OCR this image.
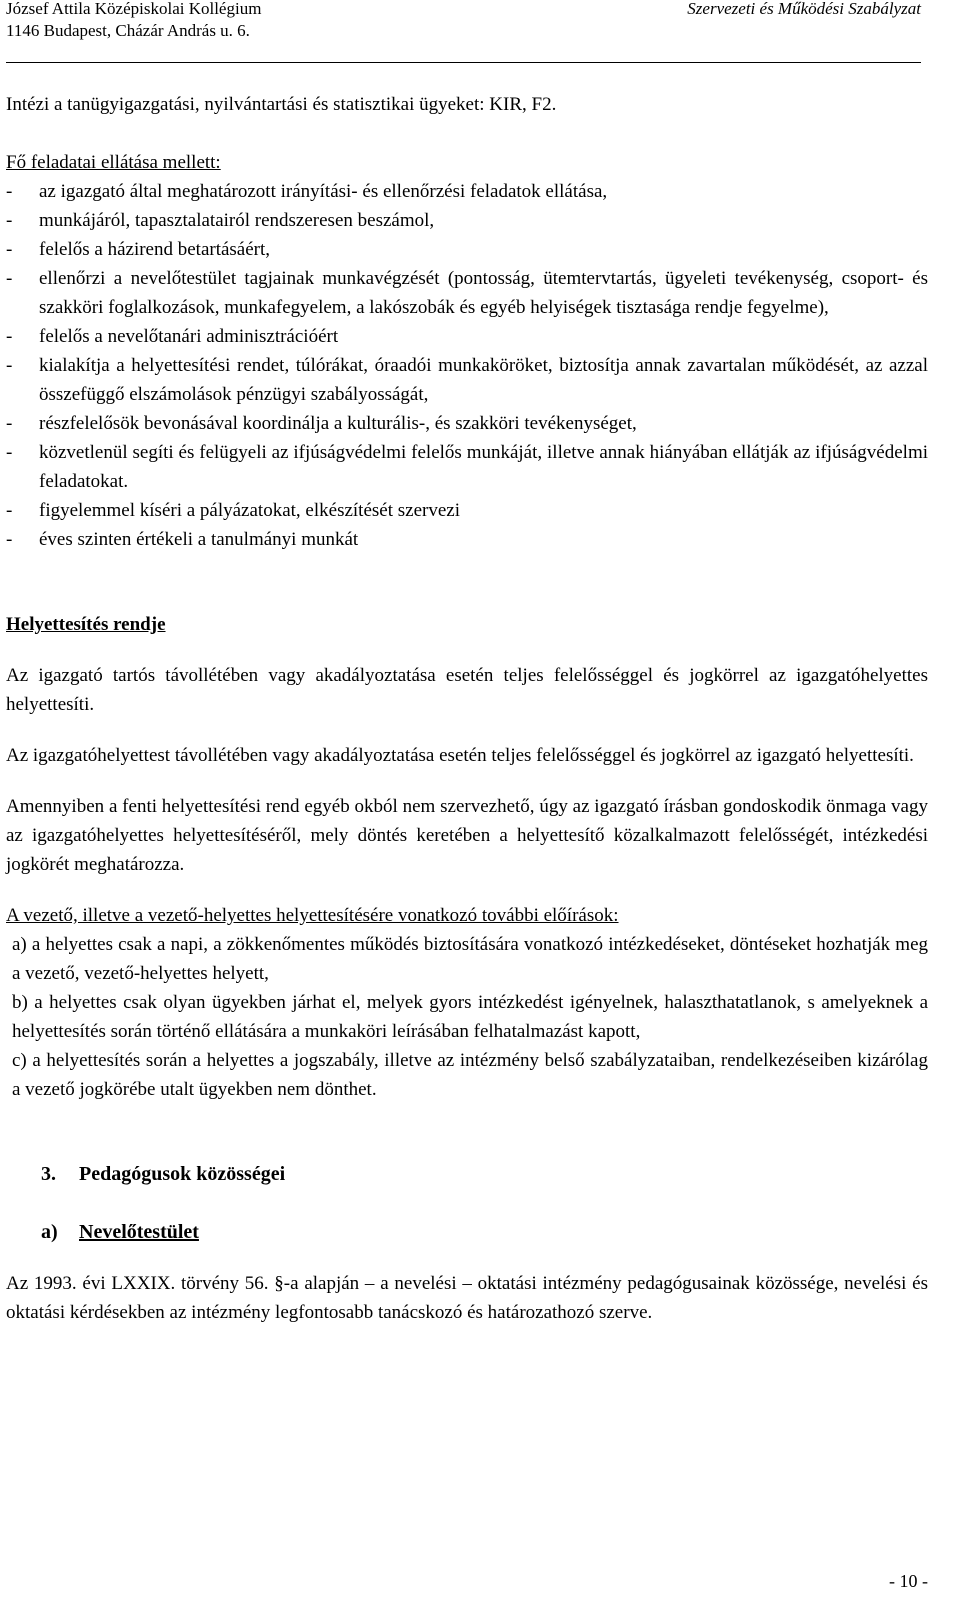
József Attila Középiskolai Kollégium
1146 Budapest, Cházár András u. 6.
Szervezeti és Működési Szabályzat

Intézi a tanügyigazgatási, nyilvántartási és statisztikai ügyeket: KIR, F2.

Fő feladatai ellátása mellett:

- az igazgató által meghatározott irányítási- és ellenőrzési feladatok ellátása,
- munkájáról, tapasztalatairól rendszeresen beszámol,
- felelős a házirend betartásáért,
- ellenőrzi a nevelőtestület tagjainak munkavégzését (pontosság, ütemtervtartás, ügyeleti tevékenység, csoport- és szakköri foglalkozások, munkafegyelem, a lakószobák és egyéb helyiségek tisztasága rendje fegyelme),
- felelős a nevelőtanári adminisztrációért
- kialakítja a helyettesítési rendet, túlórákat, óraadói munkaköröket, biztosítja annak zavartalan működését, az azzal összefüggő elszámolások pénzügyi szabályosságát,
- részfelelősök bevonásával koordinálja a kulturális-, és szakköri tevékenységet,
- közvetlenül segíti és felügyeli az ifjúságvédelmi felelős munkáját, illetve annak hiányában ellátják az ifjúságvédelmi feladatokat.
- figyelemmel kíséri a pályázatokat, elkészítését szervezi
- éves szinten értékeli a tanulmányi munkát

Helyettesítés rendje

Az igazgató tartós távollétében vagy akadályoztatása esetén teljes felelősséggel és jogkörrel az igazgatóhelyettes helyettesíti.

Az igazgatóhelyettest távollétében vagy akadályoztatása esetén teljes felelősséggel és jogkörrel az igazgató helyettesíti.

Amennyiben a fenti helyettesítési rend egyéb okból nem szervezhető, úgy az igazgató írásban gondoskodik önmaga vagy az igazgatóhelyettes helyettesítéséről, mely döntés keretében a helyettesítő közalkalmazott felelősségét, intézkedési jogkörét meghatározza.

A vezető, illetve a vezető-helyettes helyettesítésére vonatkozó további előírások:

a) a helyettes csak a napi, a zökkenőmentes működés biztosítására vonatkozó intézkedéseket, döntéseket hozhatják meg a vezető, vezető-helyettes helyett,

b) a helyettes csak olyan ügyekben járhat el, melyek gyors intézkedést igényelnek, halaszthatatlanok, s amelyeknek a helyettesítés során történő ellátására a munkaköri leírásában felhatalmazást kapott,

c) a helyettesítés során a helyettes a jogszabály, illetve az intézmény belső szabályzataiban, rendelkezéseiben kizárólag a vezető jogkörébe utalt ügyekben nem dönthet.

3. Pedagógusok közösségei

a) Nevelőtestület

Az 1993. évi LXXIX. törvény 56. §-a alapján – a nevelési – oktatási intézmény pedagógusainak közössége, nevelési és oktatási kérdésekben az intézmény legfontosabb tanácskozó és határozathozó szerve.

- 10 -
